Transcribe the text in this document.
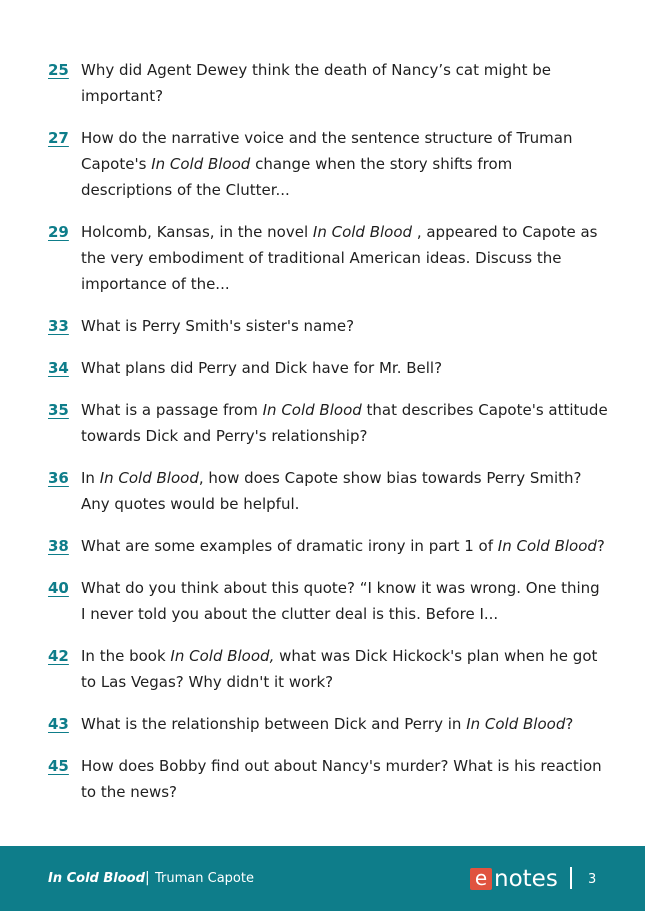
25 Why did Agent Dewey think the death of Nancy’s cat might be important?
27 How do the narrative voice and the sentence structure of Truman Capote's In Cold Blood change when the story shifts from descriptions of the Clutter...
29 Holcomb, Kansas, in the novel In Cold Blood , appeared to Capote as the very embodiment of traditional American ideas. Discuss the importance of the...
33 What is Perry Smith's sister's name?
34 What plans did Perry and Dick have for Mr. Bell?
35 What is a passage from In Cold Blood that describes Capote's attitude towards Dick and Perry's relationship?
36 In In Cold Blood, how does Capote show bias towards Perry Smith?Any quotes would be helpful.
38 What are some examples of dramatic irony in part 1 of In Cold Blood?
40 What do you think about this quote? “I know it was wrong. One thing I never told you about the clutter deal is this. Before I...
42 In the book In Cold Blood, what was Dick Hickock's plan when he got to Las Vegas? Why didn't it work?
43 What is the relationship between Dick and Perry in In Cold Blood?
45 How does Bobby find out about Nancy's murder? What is his reaction to the news?
In Cold Blood | Truman Capote	e notes 3
